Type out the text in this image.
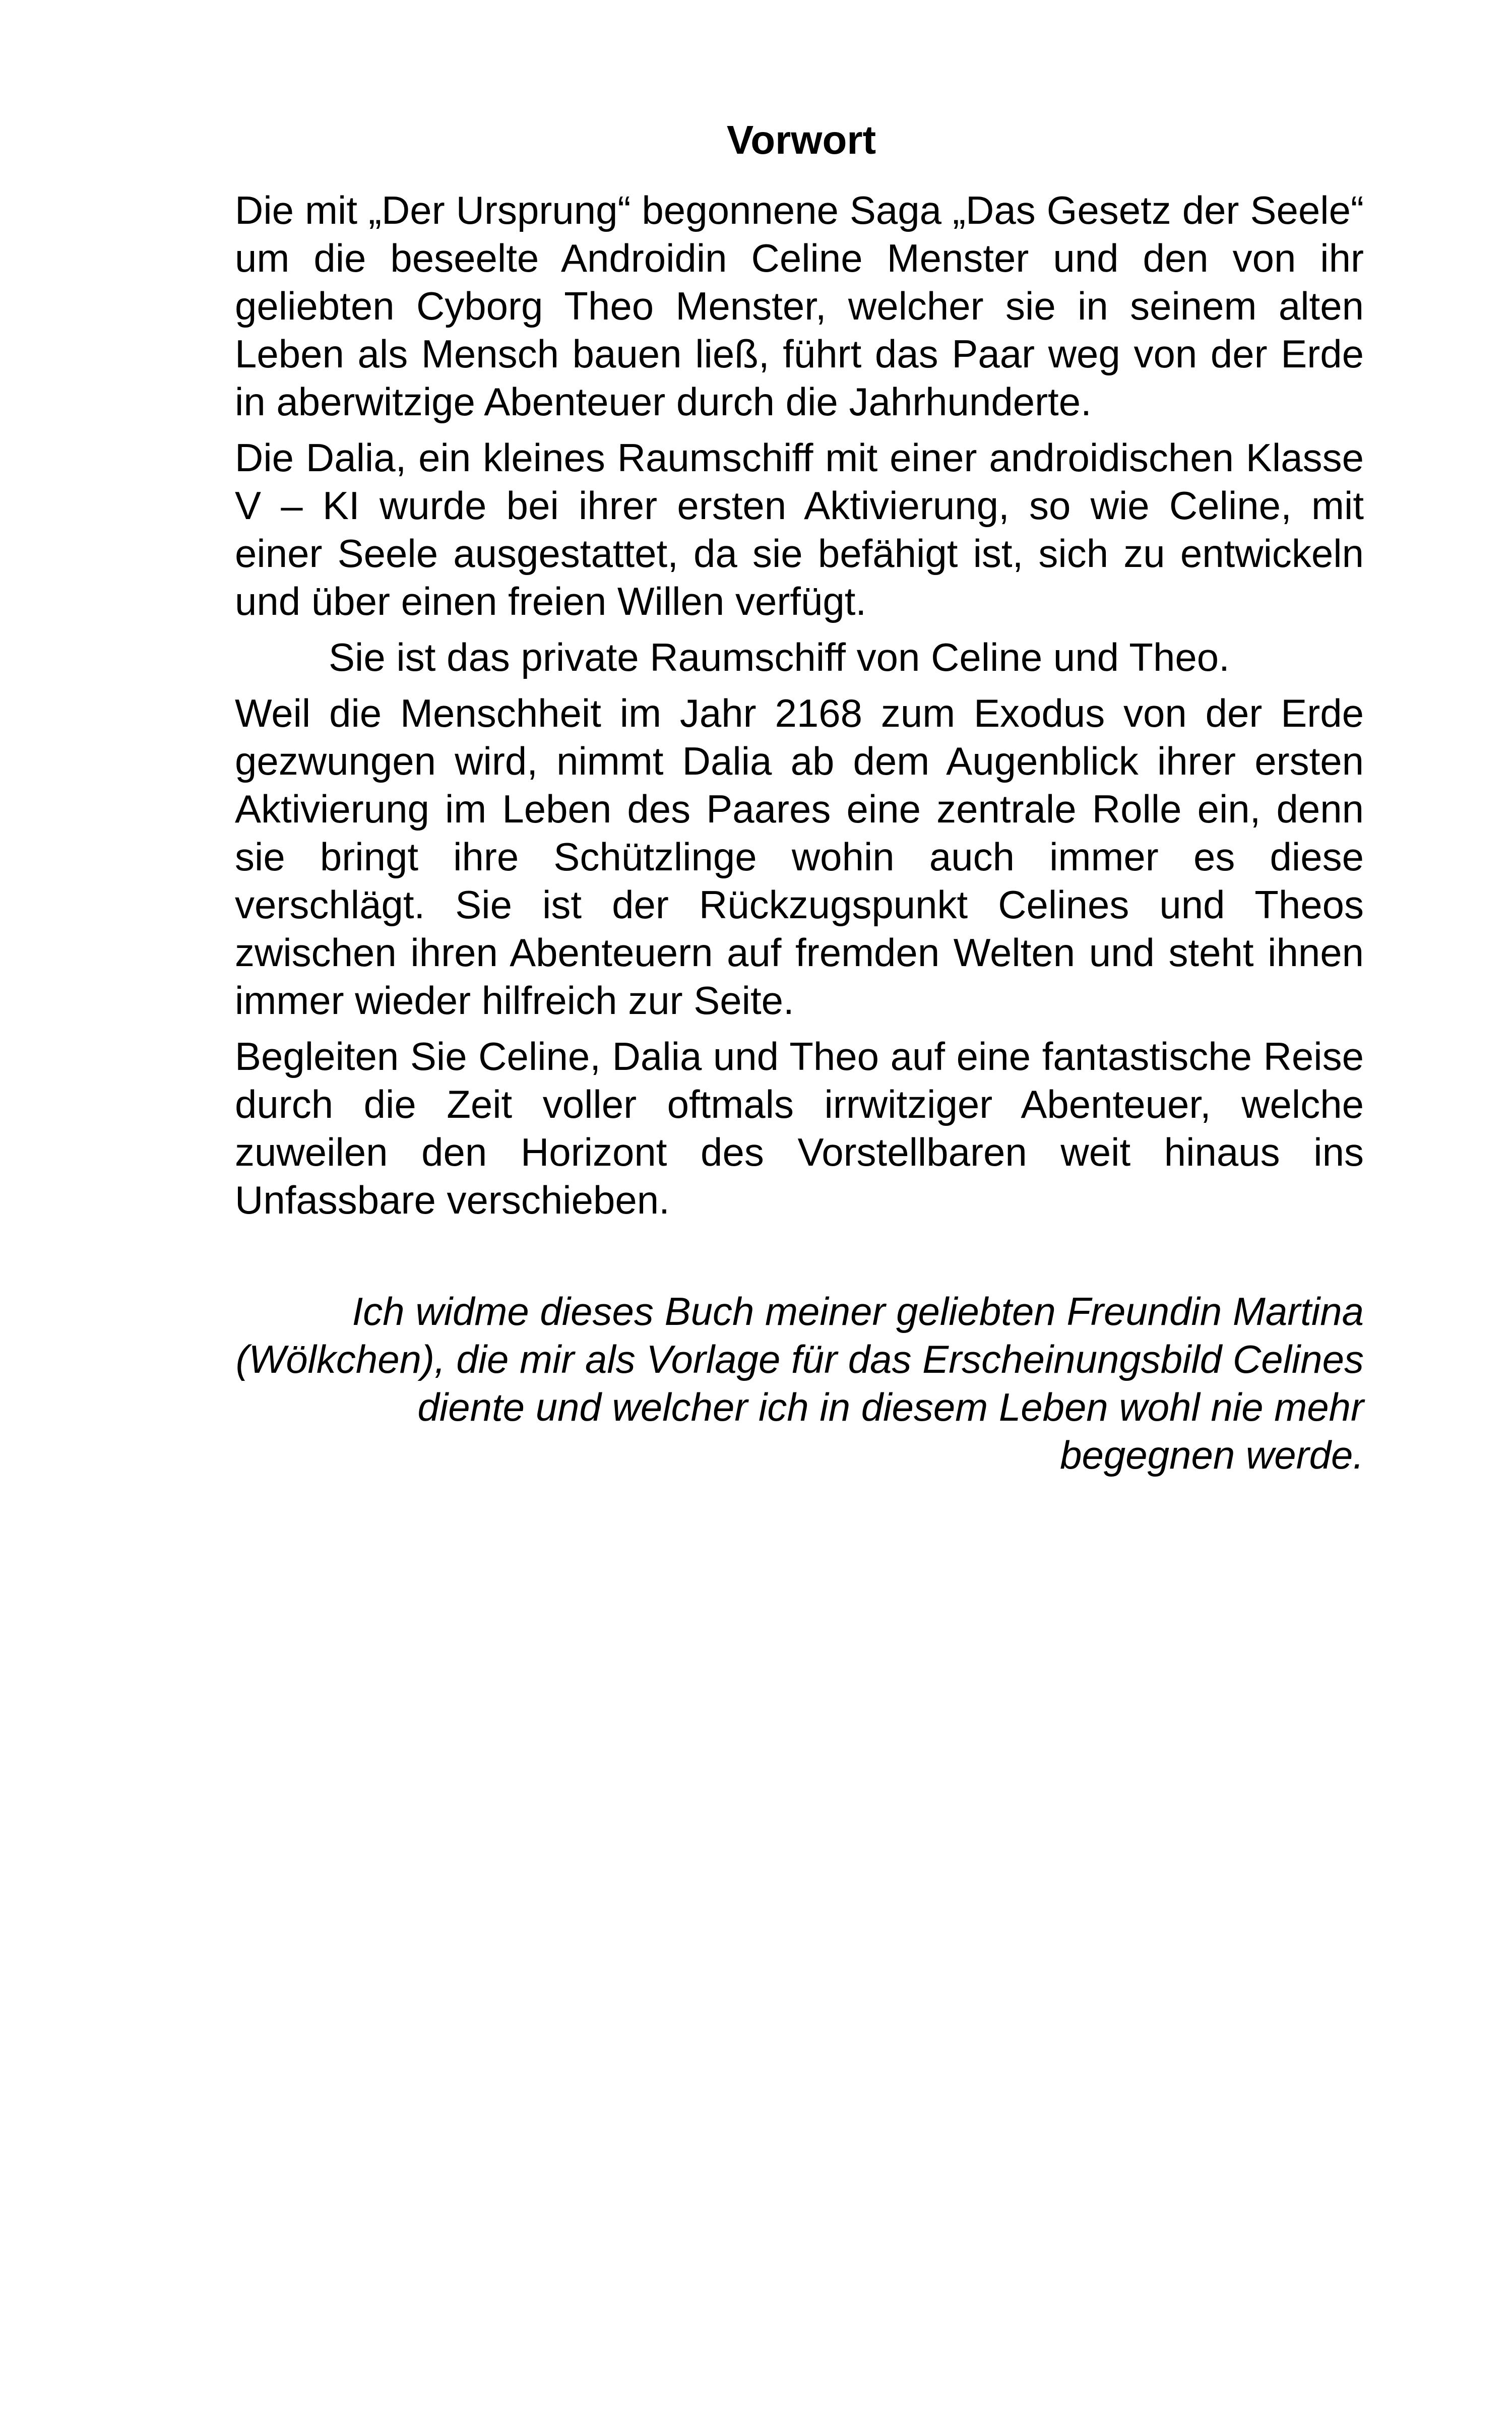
Vorwort

Die mit „Der Ursprung“ begonnene Saga „Das Gesetz der Seele“ um die beseelte Androidin Celine Menster und den von ihr geliebten Cyborg Theo Menster, welcher sie in seinem alten Leben als Mensch bauen ließ, führt das Paar weg von der Erde in aberwitzige Abenteuer durch die Jahrhunderte.

Die Dalia, ein kleines Raumschiff mit einer androidischen Klasse V – KI wurde bei ihrer ersten Aktivierung, so wie Celine, mit einer Seele ausgestattet, da sie befähigt ist, sich zu entwickeln und über einen freien Willen verfügt.

Sie ist das private Raumschiff von Celine und Theo.

Weil die Menschheit im Jahr 2168 zum Exodus von der Erde gezwungen wird, nimmt Dalia ab dem Augenblick ihrer ersten Aktivierung im Leben des Paares eine zentrale Rolle ein, denn sie bringt ihre Schützlinge wohin auch immer es diese verschlägt. Sie ist der Rückzugspunkt Celines und Theos zwischen ihren Abenteuern auf fremden Welten und steht ihnen immer wieder hilfreich zur Seite.

Begleiten Sie Celine, Dalia und Theo auf eine fantastische Reise durch die Zeit voller oftmals irrwitziger Abenteuer, welche zuweilen den Horizont des Vorstellbaren weit hinaus ins Unfassbare verschieben.

Ich widme dieses Buch meiner geliebten Freundin Martina (Wölkchen), die mir als Vorlage für das Erscheinungsbild Celines diente und welcher ich in diesem Leben wohl nie mehr begegnen werde.
